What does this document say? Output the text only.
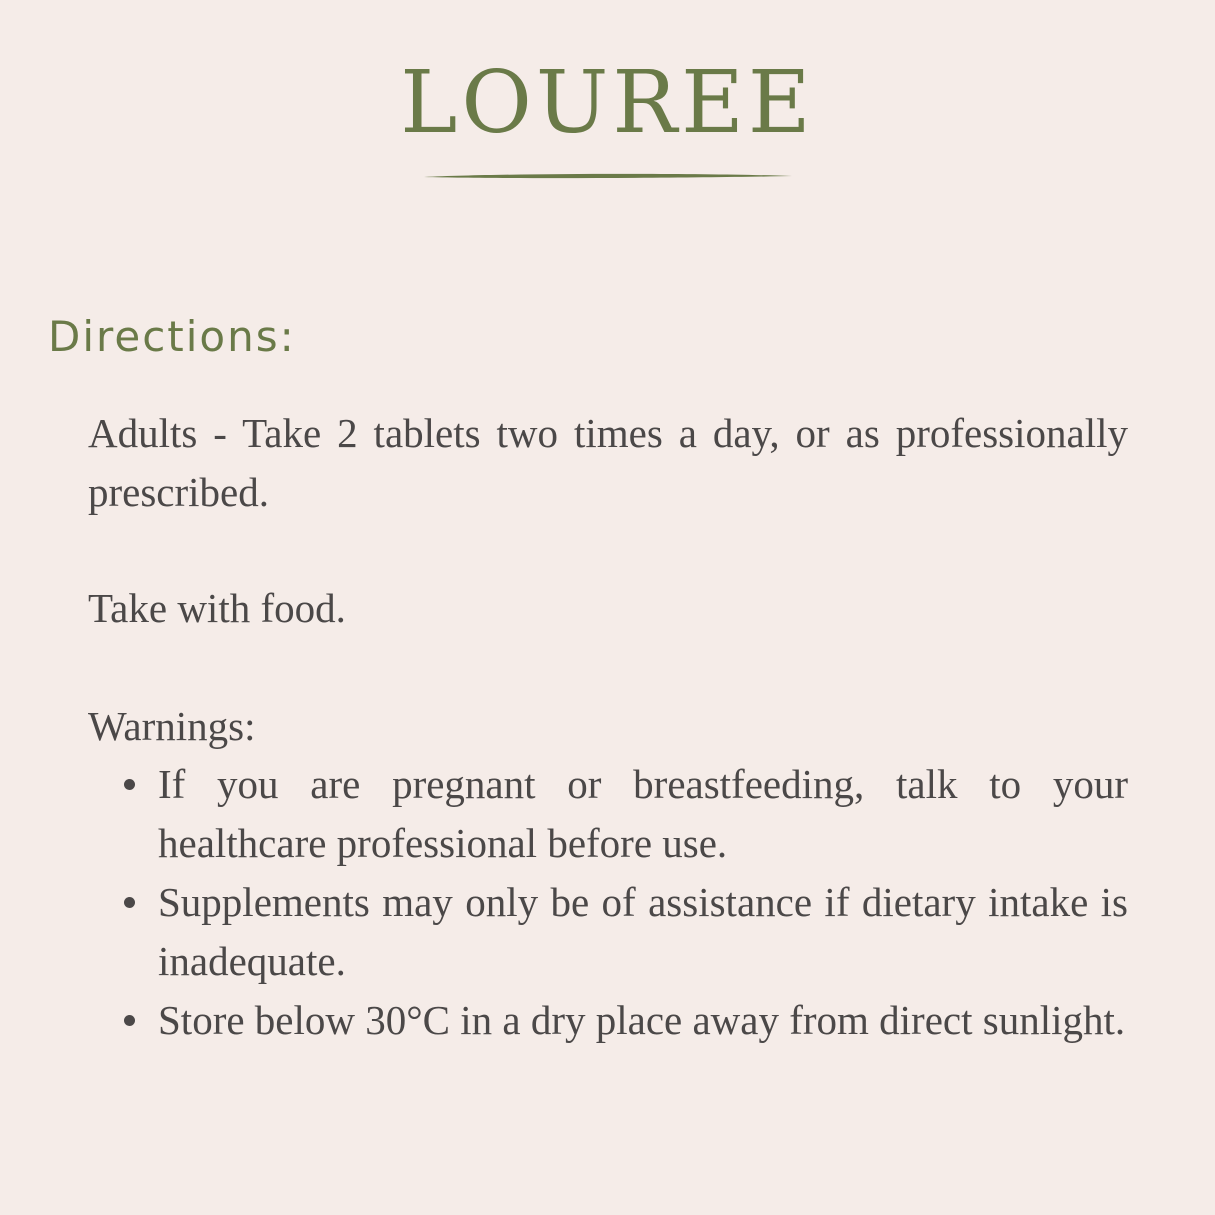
LOUREE
Directions:
Adults - Take 2 tablets two times a day, or as professionally prescribed.
Take with food.
Warnings:
If you are pregnant or breastfeeding, talk to your healthcare professional before use.
Supplements may only be of assistance if dietary intake is inadequate.
Store below 30°C in a dry place away from direct sunlight.
